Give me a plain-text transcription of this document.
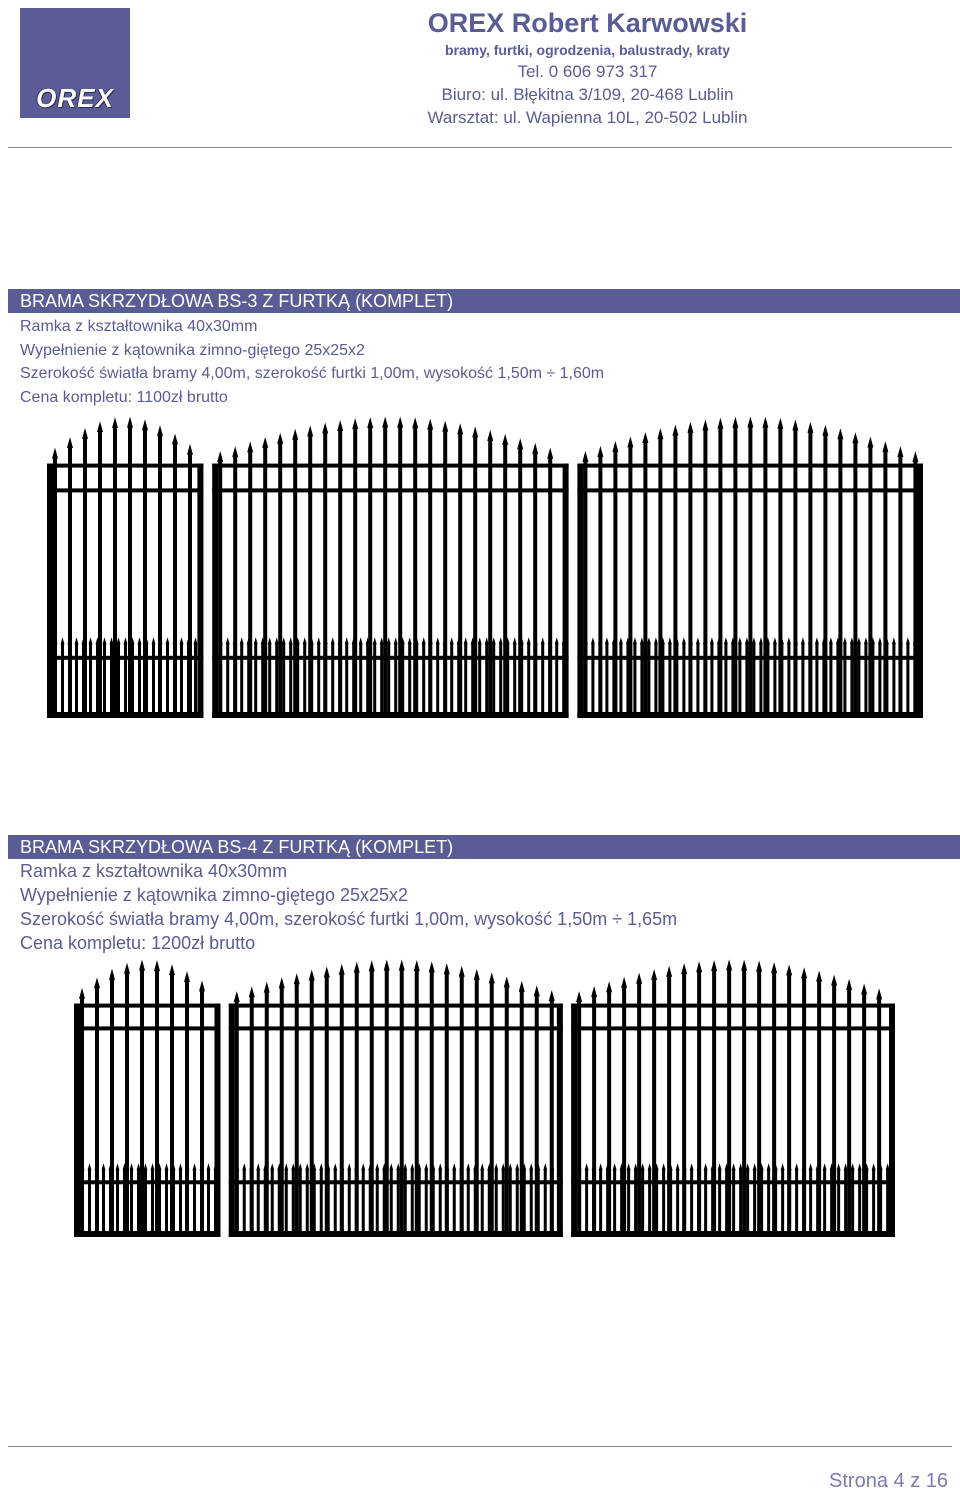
OREX
OREX Robert Karwowski
bramy, furtki, ogrodzenia, balustrady, kraty
Tel. 0 606 973 317
Biuro: ul. Błękitna 3/109, 20-468 Lublin
Warsztat: ul. Wapienna 10L, 20-502 Lublin
BRAMA SKRZYDŁOWA BS-3 Z FURTKĄ (KOMPLET)
Ramka z kształtownika 40x30mm
Wypełnienie z kątownika zimno-giętego 25x25x2
Szerokość światła bramy 4,00m, szerokość furtki 1,00m, wysokość 1,50m ÷ 1,60m
Cena kompletu: 1100zł brutto
BRAMA SKRZYDŁOWA BS-4 Z FURTKĄ (KOMPLET)
Ramka z kształtownika 40x30mm
Wypełnienie z kątownika zimno-giętego 25x25x2
Szerokość światła bramy 4,00m, szerokość furtki 1,00m, wysokość 1,50m ÷ 1,65m
Cena kompletu: 1200zł brutto
Strona 4 z 16
